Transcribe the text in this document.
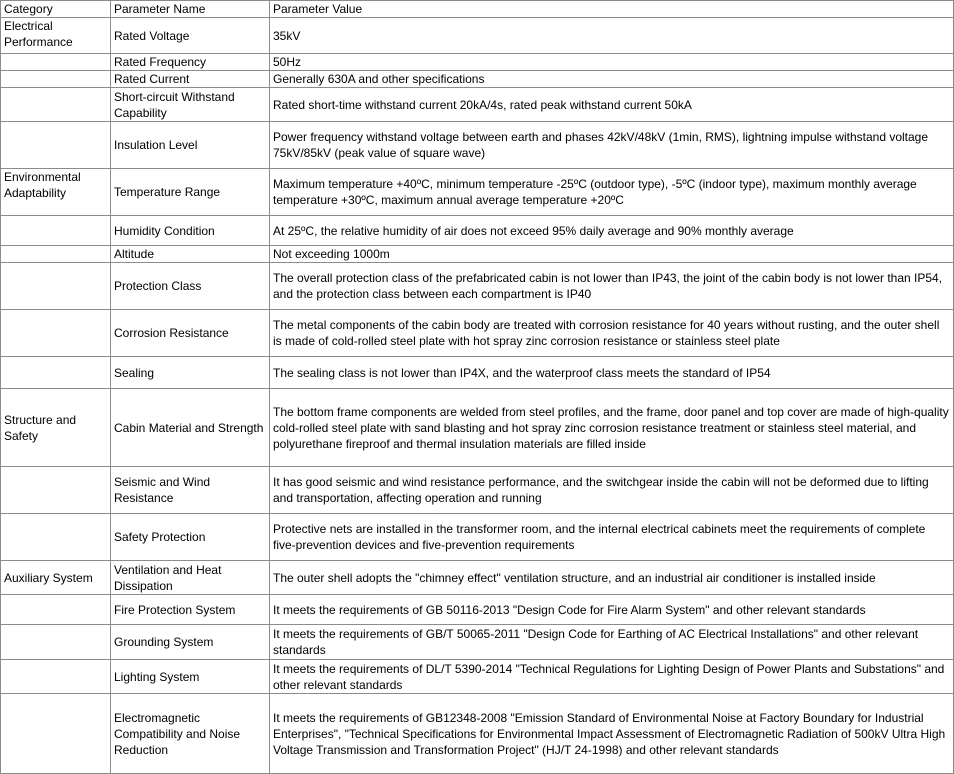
Category	Parameter Name	Parameter Value
Electrical Performance	Rated Voltage	35kV
	Rated Frequency	50Hz
	Rated Current	Generally 630A and other specifications
	Short-circuit Withstand Capability	Rated short-time withstand current 20kA/4s, rated peak withstand current 50kA
	Insulation Level	Power frequency withstand voltage between earth and phases 42kV/48kV (1min, RMS), lightning impulse withstand voltage 75kV/85kV (peak value of square wave)
Environmental Adaptability	Temperature Range	Maximum temperature +40ºC, minimum temperature -25ºC (outdoor type), -5ºC (indoor type), maximum monthly average temperature +30ºC, maximum annual average temperature +20ºC
	Humidity Condition	At 25ºC, the relative humidity of air does not exceed 95% daily average and 90% monthly average
	Altitude	Not exceeding 1000m
	Protection Class	The overall protection class of the prefabricated cabin is not lower than IP43, the joint of the cabin body is not lower than IP54, and the protection class between each compartment is IP40
	Corrosion Resistance	The metal components of the cabin body are treated with corrosion resistance for 40 years without rusting, and the outer shell is made of cold-rolled steel plate with hot spray zinc corrosion resistance or stainless steel plate
	Sealing	The sealing class is not lower than IP4X, and the waterproof class meets the standard of IP54
Structure and Safety	Cabin Material and Strength	The bottom frame components are welded from steel profiles, and the frame, door panel and top cover are made of high-quality cold-rolled steel plate with sand blasting and hot spray zinc corrosion resistance treatment or stainless steel material, and polyurethane fireproof and thermal insulation materials are filled inside
	Seismic and Wind Resistance	It has good seismic and wind resistance performance, and the switchgear inside the cabin will not be deformed due to lifting and transportation, affecting operation and running
	Safety Protection	Protective nets are installed in the transformer room, and the internal electrical cabinets meet the requirements of complete five-prevention devices and five-prevention requirements
Auxiliary System	Ventilation and Heat Dissipation	The outer shell adopts the "chimney effect" ventilation structure, and an industrial air conditioner is installed inside
	Fire Protection System	It meets the requirements of GB 50116-2013 "Design Code for Fire Alarm System" and other relevant standards
	Grounding System	It meets the requirements of GB/T 50065-2011 "Design Code for Earthing of AC Electrical Installations" and other relevant standards
	Lighting System	It meets the requirements of DL/T 5390-2014 "Technical Regulations for Lighting Design of Power Plants and Substations" and other relevant standards
	Electromagnetic Compatibility and Noise Reduction	It meets the requirements of GB12348-2008 "Emission Standard of Environmental Noise at Factory Boundary for Industrial Enterprises", "Technical Specifications for Environmental Impact Assessment of Electromagnetic Radiation of 500kV Ultra High Voltage Transmission and Transformation Project" (HJ/T 24-1998) and other relevant standards
